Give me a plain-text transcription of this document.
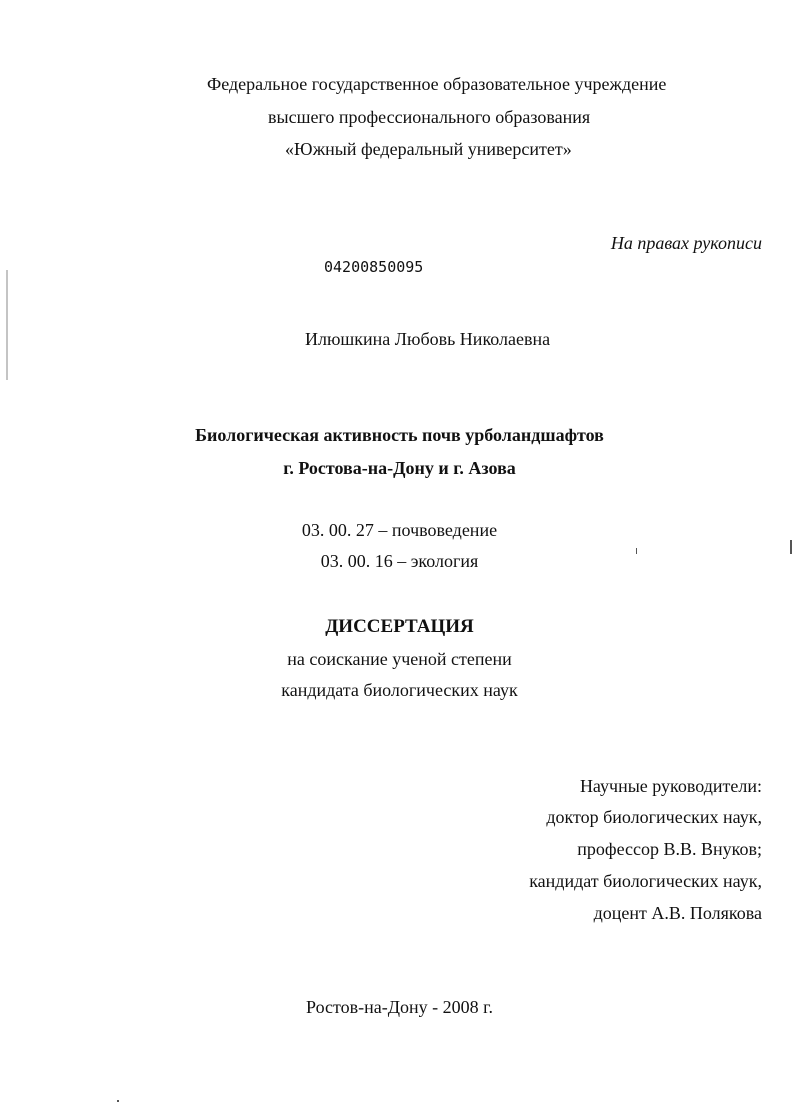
Федеральное государственное образовательное учреждение
высшего профессионального образования
«Южный федеральный университет»
На правах рукописи
04200850095
Илюшкина Любовь Николаевна
Биологическая активность почв урболандшафтов
г. Ростова-на-Дону и г. Азова
03. 00. 27 – почвоведение
03. 00. 16 – экология
ДИССЕРТАЦИЯ
на соискание ученой степени
кандидата биологических наук
Научные руководители:
доктор биологических наук,
профессор В.В. Внуков;
кандидат биологических наук,
доцент А.В. Полякова
Ростов-на-Дону - 2008 г.
